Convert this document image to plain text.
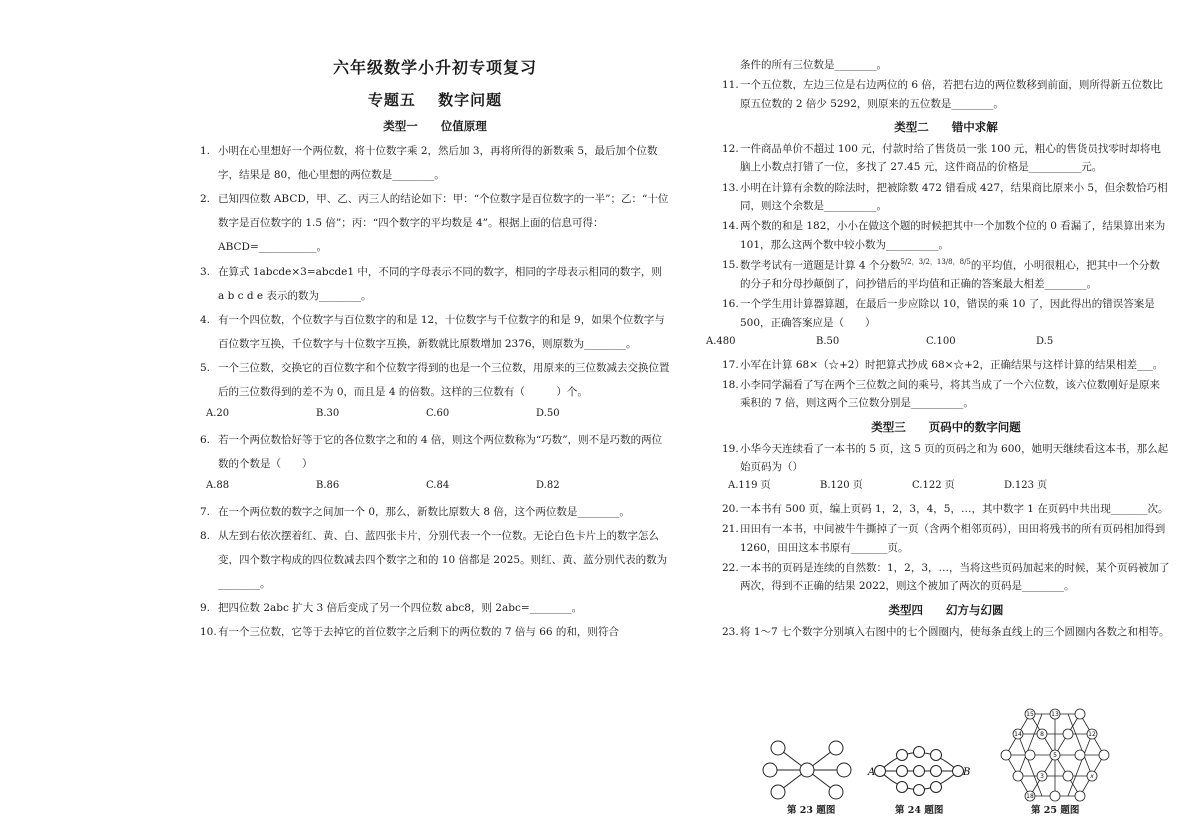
六年级数学小升初专项复习
专题五　 数字问题
类型一　　位值原理

1. 小明在心里想好一个两位数，将十位数字乘 2，然后加 3，再将所得的新数乘 5，最后加个位数字，结果是 80，他心里想的两位数是________。

2. 已知四位数 ABCD，甲、乙、丙三人的结论如下：甲：“个位数字是百位数字的一半”；乙：“十位数字是百位数字的 1.5 倍”；丙：“四个数字的平均数是 4”。根据上面的信息可得：ABCD=___________。

3. 在算式 1abcde×3=abcde1 中，不同的字母表示不同的数字，相同的字母表示相同的数字，则 a b c d e 表示的数为________。

4. 有一个四位数，个位数字与百位数字的和是 12，十位数字与千位数字的和是 9，如果个位数字与百位数字互换，千位数字与十位数字互换，新数就比原数增加 2376，则原数为________。

5. 一个三位数，交换它的百位数字和个位数字得到的也是一个三位数，用原来的三位数减去交换位置后的三位数得到的差不为 0，而且是 4 的倍数。这样的三位数有（　　　）个。

A.20	B.30	C.60	D.50

6. 若一个两位数恰好等于它的各位数字之和的 4 倍，则这个两位数称为“巧数”，则不是巧数的两位数的个数是（　　）

A.88	B.86	C.84	D.82

7. 在一个两位数的数字之间加一个 0，那么，新数比原数大 8 倍，这个两位数是________。

8. 从左到右依次摆着红、黄、白、蓝四张卡片，分别代表一个一位数。无论白色卡片上的数字怎么变，四个数字构成的四位数减去四个数字之和的 10 倍都是 2025。则红、黄、蓝分别代表的数为________。

9. 把四位数 2abc 扩大 3 倍后变成了另一个四位数 abc8，则 2abc=________。

10. 有一个三位数，它等于去掉它的首位数字之后剩下的两位数的 7 倍与 66 的和，则符合

条件的所有三位数是________。

11. 一个五位数，左边三位是右边两位的 6 倍，若把右边的两位数移到前面，则所得新五位数比原五位数的 2 倍少 5292，则原来的五位数是________。

类型二　　错中求解

12. 一件商品单价不超过 100 元，付款时给了售货员一张 100 元，粗心的售货员找零时却将电脑上小数点打错了一位，多找了 27.45 元，这件商品的价格是__________元。

13. 小明在计算有余数的除法时，把被除数 472 错看成 427，结果商比原来小 5，但余数恰巧相同，则这个余数是__________。

14. 两个数的和是 182，小小在做这个题的时候把其中一个加数个位的 0 看漏了，结果算出来为 101，那么这两个数中较小数为__________。

15. 数学考试有一道题是计算 4 个分数$^{5/2,3/2,13/8,8/5}$的平均值，小明很粗心，把其中一个分数的分子和分母抄颠倒了，问抄错后的平均值和正确的答案最大相差________。

16. 一个学生用计算器算题，在最后一步应除以 10，错误的乘 10 了，因此得出的错误答案是 500，正确答案应是（　　）

A.480	B.50	C.100	D.5

17. 小军在计算 68×（☆+2）时把算式抄成 68×☆+2，正确结果与这样计算的结果相差___。

18. 小李同学漏看了写在两个三位数之间的乘号，将其当成了一个六位数，该六位数刚好是原来乘积的 7 倍，则这两个三位数分别是__________。

类型三　　页码中的数字问题

19. 小华今天连续看了一本书的 5 页，这 5 页的页码之和为 600，她明天继续看这本书，那么起始页码为（）

A.119 页	B.120 页	C.122 页	D.123 页

20. 一本书有 500 页，编上页码 1，2，3，4，5，…，其中数字 1 在页码中共出现_______次。

21. 田田有一本书，中间被牛牛撕掉了一页（含两个相邻页码），田田将残书的所有页码相加得到 1260，田田这本书原有_______页。

22. 一本书的页码是连续的自然数：1，2，3，…，当将这些页码加起来的时候，某个页码被加了两次，得到不正确的结果 2022，则这个被加了两次的页码是________。

类型四　　幻方与幻圆

23. 将 1～7 七个数字分别填入右图中的七个圆圈内，使每条直线上的三个圆圈内各数之和相等。

A	B
15	13
14	8	12
5
3
18
x
第 23 题图	第 24 题图	第 25 题图
